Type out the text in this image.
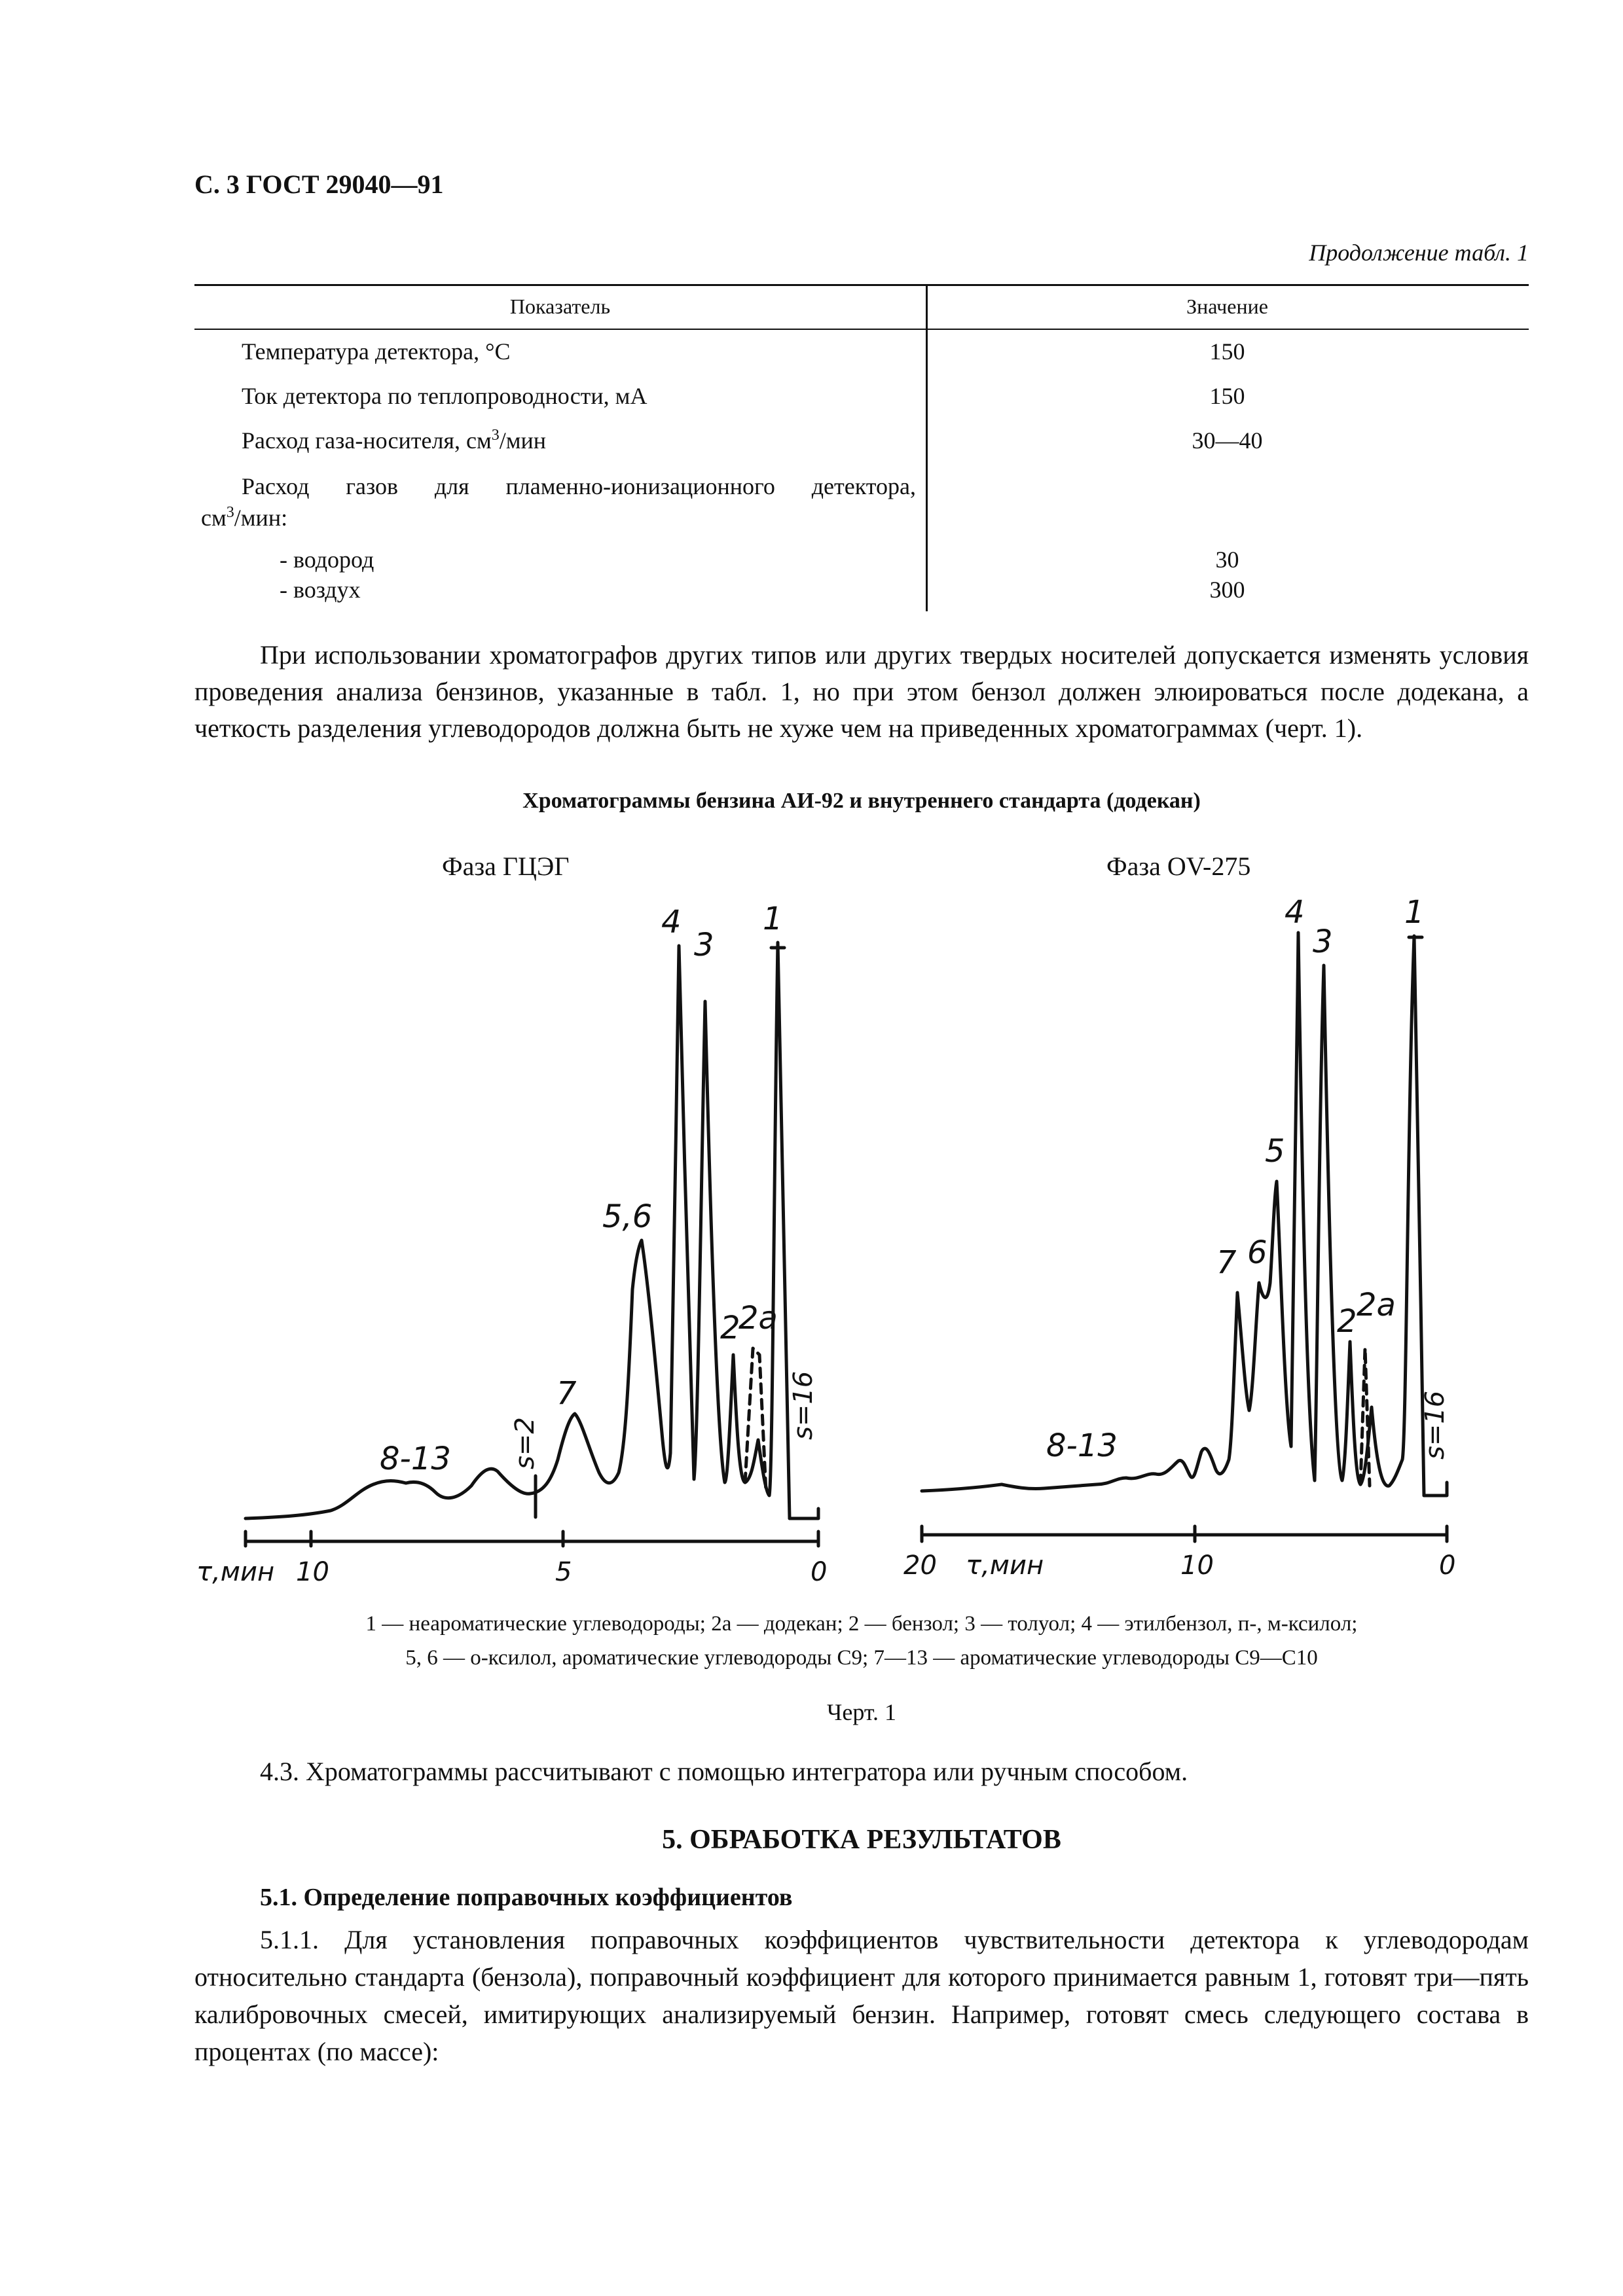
С. 3 ГОСТ 29040—91
Продолжение табл. 1
Показатель	Значение
Температура детектора, °С	150
Ток детектора по теплопроводности, мА	150
Расход газа-носителя, $см^3$/мин	30—40
Расход газов для пламенно-ионизационного детектора,
$см^3$/мин:
- водород	30
- воздух	300

При использовании хроматографов других типов или других твердых носителей допускается изменять условия проведения анализа бензинов, указанные в табл. 1, но при этом бензол должен элюироваться после додекана, а четкость разделения углеводородов должна быть не хуже чем на приведенных хроматограммах (черт. 1).

Хроматограммы бензина АИ-92 и внутреннего стандарта (додекан)
Фаза ГЦЭГ	Фаза OV-275
4
3
1
5,6
7
8-13
2
2a
s=2
s=16
τ,мин 10	5	0
4
3
1
5
7 6
2 2a
8-13	s=16
20 τ,мин	10	0
1 — неароматические углеводороды; 2а — додекан; 2 — бензол; 3 — толуол; 4 — этилбензол, п-, м-ксилол;
5, 6 — о-ксилол, ароматические углеводороды С9; 7—13 — ароматические углеводороды С9—С10
Черт. 1
4.3. Хроматограммы рассчитывают с помощью интегратора или ручным способом.
5. ОБРАБОТКА РЕЗУЛЬТАТОВ
5.1. Определение поправочных коэффициентов

5.1.1. Для установления поправочных коэффициентов чувствительности детектора к углеводородам относительно стандарта (бензола), поправочный коэффициент для которого принимается равным 1, готовят три—пять калибровочных смесей, имитирующих анализируемый бензин. Например, готовят смесь следующего состава в процентах (по массе):
